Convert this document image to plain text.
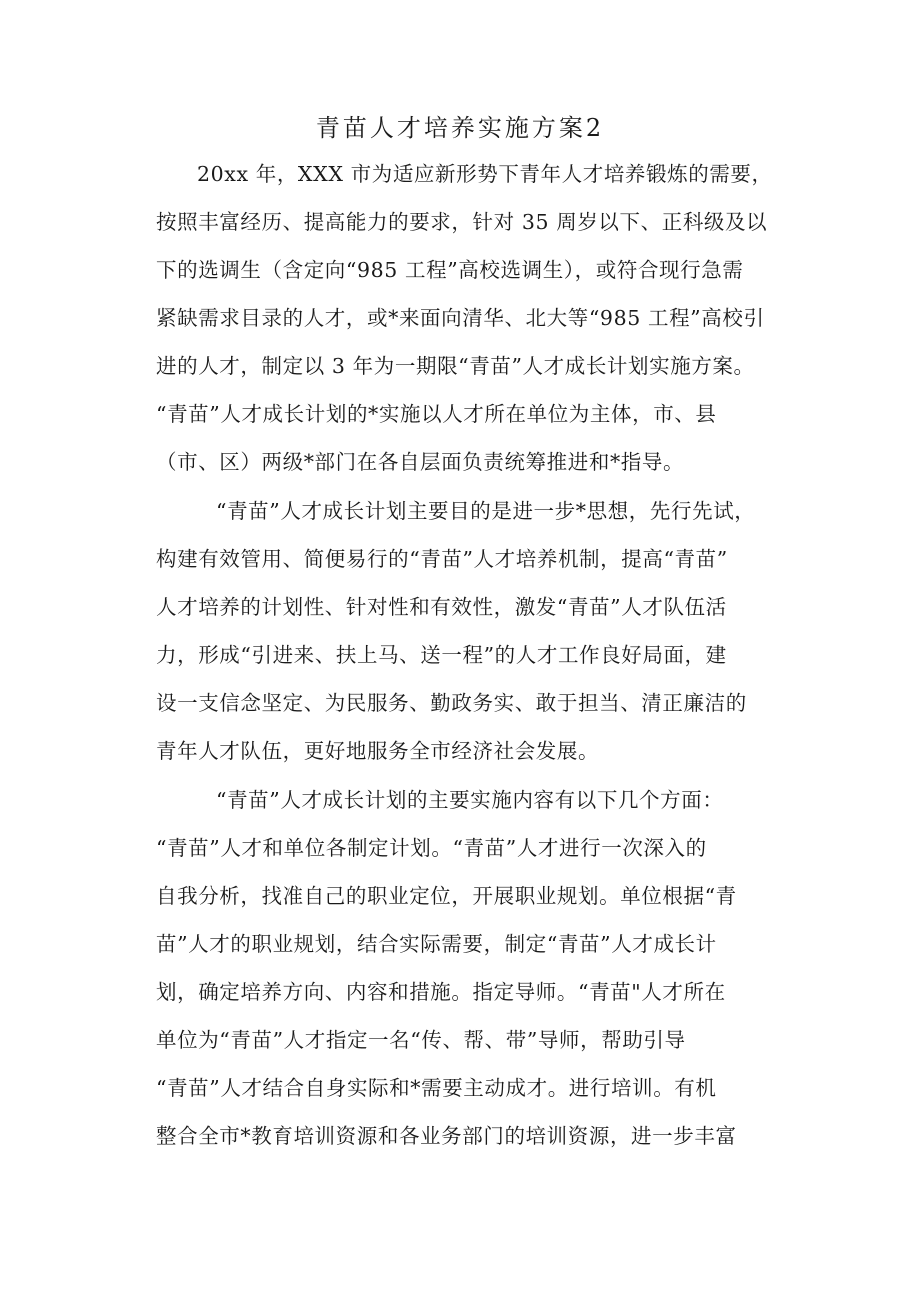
青苗人才培养实施方案2
20xx 年，XXX 市为适应新形势下青年人才培养锻炼的需要，
按照丰富经历、提高能力的要求，针对 35 周岁以下、正科级及以
下的选调生（含定向“985 工程”高校选调生），或符合现行急需
紧缺需求目录的人才，或*来面向清华、北大等“985 工程”高校引
进的人才，制定以 3 年为一期限“青苗”人才成长计划实施方案。
“青苗”人才成长计划的*实施以人才所在单位为主体，市、县
（市、区）两级*部门在各自层面负责统筹推进和*指导。
“青苗”人才成长计划主要目的是进一步*思想，先行先试，
构建有效管用、简便易行的“青苗”人才培养机制，提高“青苗”
人才培养的计划性、针对性和有效性，激发“青苗”人才队伍活
力，形成“引进来、扶上马、送一程”的人才工作良好局面，建
设一支信念坚定、为民服务、勤政务实、敢于担当、清正廉洁的
青年人才队伍，更好地服务全市经济社会发展。
“青苗”人才成长计划的主要实施内容有以下几个方面：
“青苗”人才和单位各制定计划。“青苗”人才进行一次深入的
自我分析，找准自己的职业定位，开展职业规划。单位根据“青
苗”人才的职业规划，结合实际需要，制定“青苗”人才成长计
划，确定培养方向、内容和措施。指定导师。“青苗"人才所在
单位为“青苗”人才指定一名“传、帮、带”导师，帮助引导
“青苗”人才结合自身实际和*需要主动成才。进行培训。有机
整合全市*教育培训资源和各业务部门的培训资源，进一步丰富
